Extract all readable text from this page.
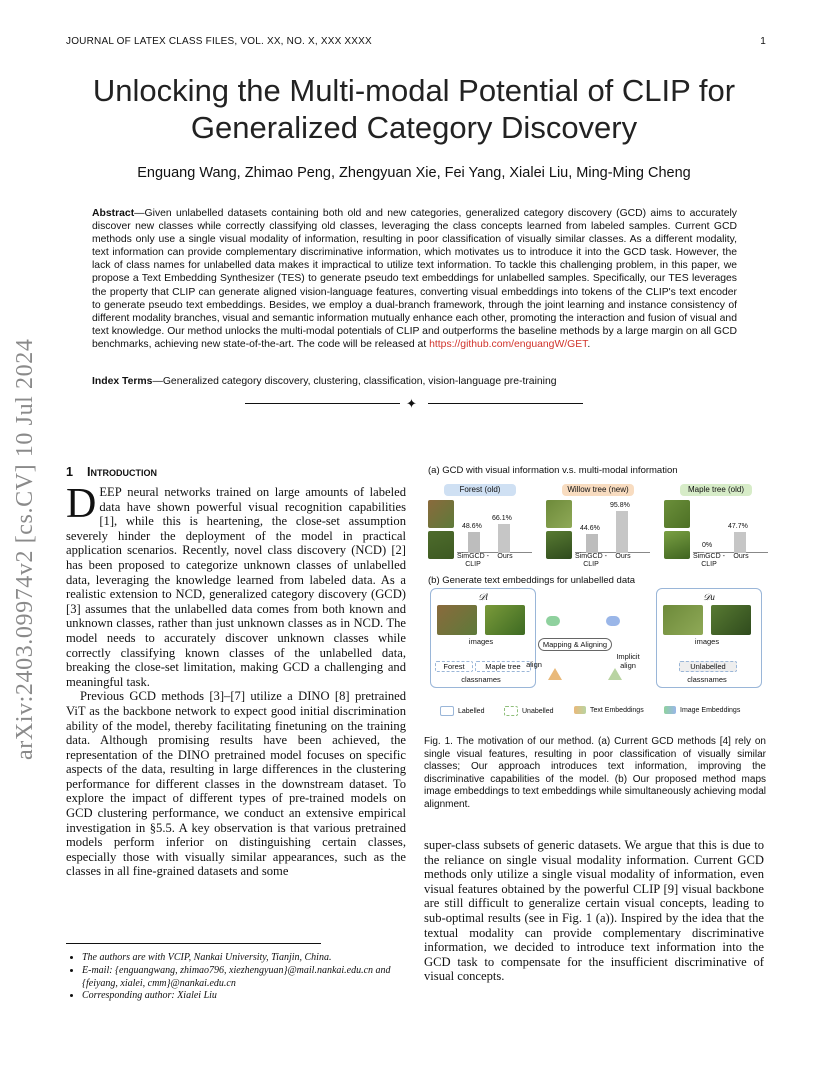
JOURNAL OF LATEX CLASS FILES, VOL. XX, NO. X, XXX XXXX	1
arXiv:2403.09974v2 [cs.CV] 10 Jul 2024
Unlocking the Multi-modal Potential of CLIP for Generalized Category Discovery
Enguang Wang, Zhimao Peng, Zhengyuan Xie, Fei Yang, Xialei Liu, Ming-Ming Cheng
Abstract—Given unlabelled datasets containing both old and new categories, generalized category discovery (GCD) aims to accurately discover new classes while correctly classifying old classes, leveraging the class concepts learned from labeled samples. Current GCD methods only use a single visual modality of information, resulting in poor classification of visually similar classes. As a different modality, text information can provide complementary discriminative information, which motivates us to introduce it into the GCD task. However, the lack of class names for unlabelled data makes it impractical to utilize text information. To tackle this challenging problem, in this paper, we propose a Text Embedding Synthesizer (TES) to generate pseudo text embeddings for unlabelled samples. Specifically, our TES leverages the property that CLIP can generate aligned vision-language features, converting visual embeddings into tokens of the CLIP's text encoder to generate pseudo text embeddings. Besides, we employ a dual-branch framework, through the joint learning and instance consistency of different modality branches, visual and semantic information mutually enhance each other, promoting the interaction and fusion of visual and text knowledge. Our method unlocks the multi-modal potentials of CLIP and outperforms the baseline methods by a large margin on all GCD benchmarks, achieving new state-of-the-art. The code will be released at https://github.com/enguangW/GET.
Index Terms—Generalized category discovery, clustering, classification, vision-language pre-training
✦
1 Introduction

DEEP neural networks trained on large amounts of labeled data have shown powerful visual recognition capabilities [1], while this is heartening, the close-set assumption severely hinder the deployment of the model in practical application scenarios. Recently, novel class discovery (NCD) [2] has been proposed to categorize unknown classes of unlabelled data, leveraging the knowledge learned from labeled data. As a realistic extension to NCD, generalized category discovery (GCD) [3] assumes that the unlabelled data comes from both known and unknown classes, rather than just unknown classes as in NCD. The model needs to accurately discover unknown classes while correctly classifying known classes of the unlabelled data, breaking the close-set limitation, making GCD a challenging and meaningful task.

Previous GCD methods [3]–[7] utilize a DINO [8] pretrained ViT as the backbone network to expect good initial discrimination ability of the model, thereby facilitating finetuning on the training data. Although promising results have been achieved, the representation of the DINO pretrained model focuses on specific aspects of the data, resulting in large differences in the clustering performance for different classes in the downstream dataset. To explore the impact of different types of pre-trained models on GCD clustering performance, we conduct an extensive empirical investigation in §5.5. A key observation is that various pretrained models perform inferior on distinguishing certain classes, especially those with visually similar appearances, such as the classes in all fine-grained datasets and some

• The authors are with VCIP, Nankai University, Tianjin, China.
• E-mail: {enguangwang, zhimao796, xiezhengyuan}@mail.nankai.edu.cn and {feiyang, xialei, cmm}@nankai.edu.cn
• Corresponding author: Xialei Liu
(a) GCD with visual information v.s. multi-modal information
Forest (old)
48.6%
66.1%
SimGCD -CLIP
Ours
Willow tree (new)
44.6%
95.8%
SimGCD -CLIP
Ours
Maple tree (old)
0%
47.7%
SimGCD -CLIP
Ours
(b) Generate text embeddings for unlabelled data
𝒟l
images
Forest	Maple tree
classnames
Mapping & Aligning
align
Implicit align
𝒟u
images
Unlabelled
classnames
Labelled	Unabelled	Text Embeddings	Image Embeddings
Fig. 1. The motivation of our method. (a) Current GCD methods [4] rely on single visual features, resulting in poor classification of visually similar classes; Our approach introduces text information, improving the discriminative capabilities of the model. (b) Our proposed method maps image embeddings to text embeddings while simultaneously achieving modal alignment.

super-class subsets of generic datasets. We argue that this is due to the reliance on single visual modality information. Current GCD methods only utilize a single visual modality of information, even visual features obtained by the powerful CLIP [9] visual backbone are still difficult to generalize certain visual concepts, leading to sub-optimal results (see in Fig. 1 (a)). Inspired by the idea that the textual modality can provide complementary discriminative information, we decided to introduce text information into the GCD task to compensate for the insufficient discriminative of visual concepts.
